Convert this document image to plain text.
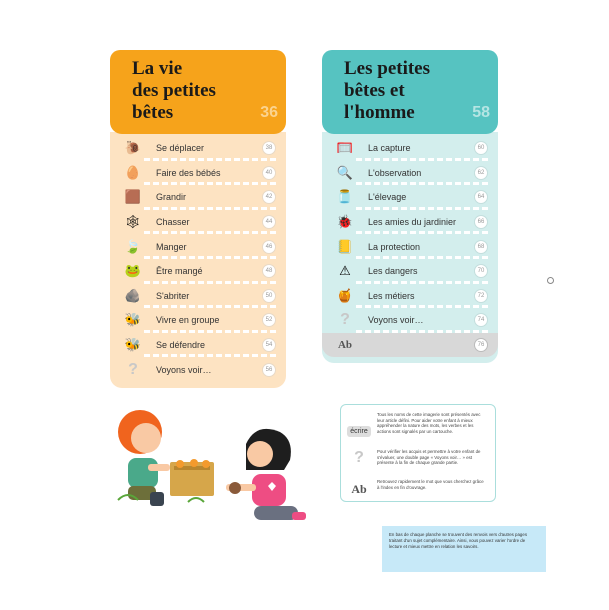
La vie
des petites
bêtes	36
🐌	Se déplacer	38
🥚	Faire des bébés	40
🟫	Grandir	42
🕸	Chasser	44
🍃	Manger	46
🐸	Être mangé	48
🪨	S'abriter	50
🐝	Vivre en groupe	52
🐝	Se défendre	54
?	Voyons voir…	56
Les petites
bêtes et
l'homme	58
🥅	La capture	60
🔍	L'observation	62
🫙	L'élevage	64
🐞	Les amies du jardinier	66
📒	La protection	68
⚠	Les dangers	70
🍯	Les métiers	72
?	Voyons voir…	74
Ab	76
écrire
Tous les noms de cette imagerie sont présentés avec leur article défini. Pour aider votre enfant à mieux appréhender la nature des mots, les verbes et les actions sont signalés par un cartouche.
?	Pour vérifier les acquis et permettre à votre enfant de s'évaluer, une double page « Voyons voir… » est présente à la fin de chaque grande partie.
Ab
Retrouvez rapidement le mot que vous cherchez grâce à l'index en fin d'ouvrage.
En bas de chaque planche se trouvent des renvois vers d'autres pages traitant d'un sujet complémentaire. Ainsi, vous pouvez varier l'ordre de lecture et mieux mettre en relation les savoirs.
